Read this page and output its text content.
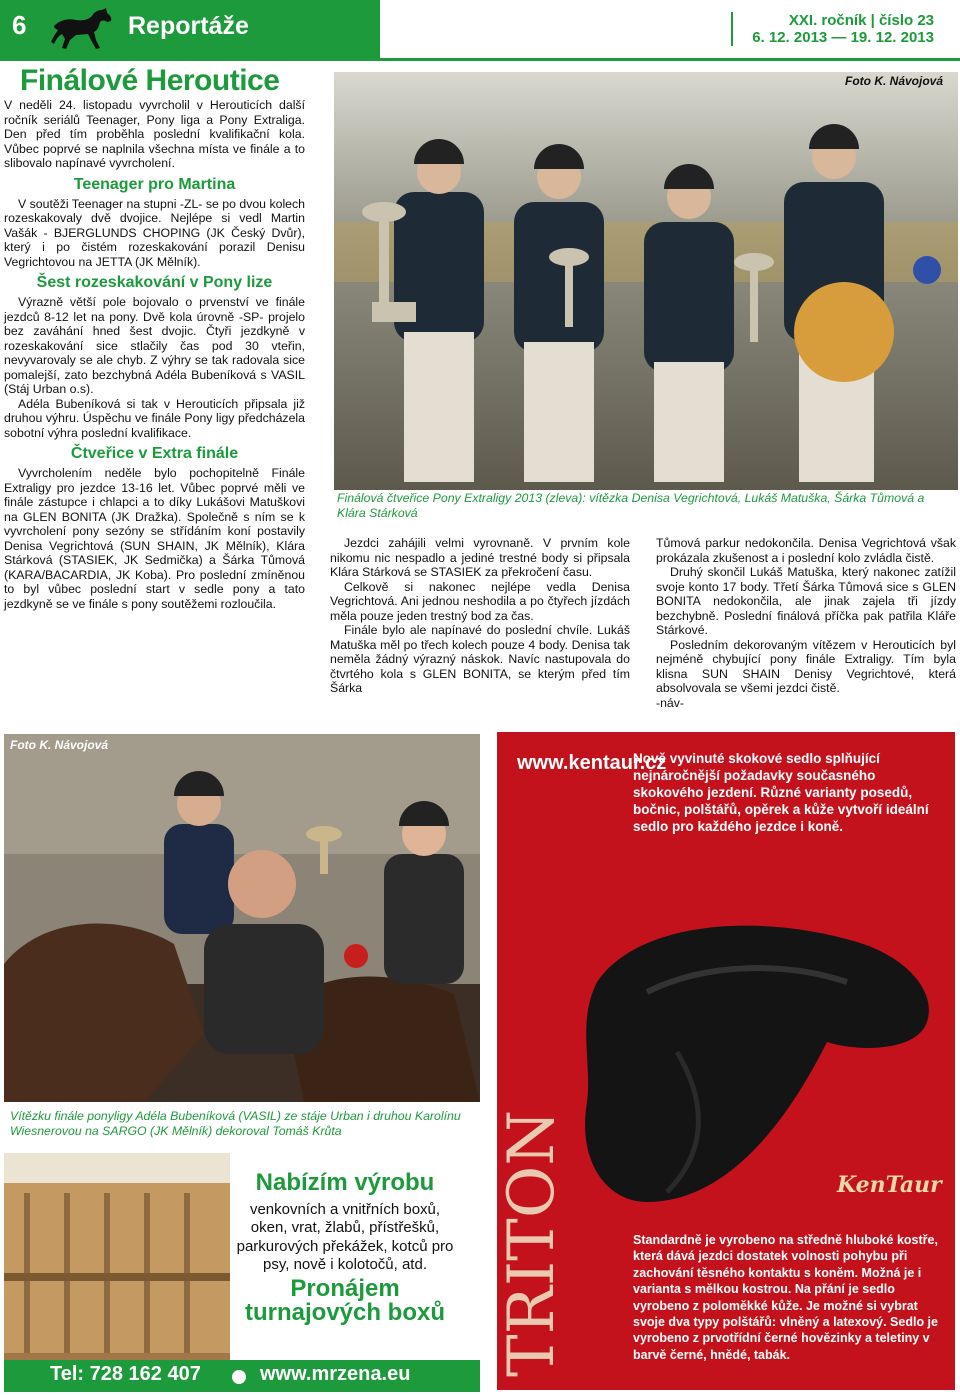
6	Reportáže	XXI. ročník | číslo 23
6. 12. 2013 — 19. 12. 2013
Finálové Heroutice

V neděli 24. listopadu vyvrcholil v Herouticích další ročník seriálů Teenager, Pony liga a Pony Extraliga. Den před tím proběhla poslední kvalifikační kola. Vůbec poprvé se naplnila všechna místa ve finále a to slibovalo napínavé vyvrcholení.

Teenager pro Martina

V soutěži Teenager na stupni -ZL- se po dvou kolech rozeskakovaly dvě dvojice. Nejlépe si vedl Martin Vašák - BJERGLUNDS CHOPING (JK Český Dvůr), který i po čistém rozeskakování porazil Denisu Vegrichtovou na JETTA (JK Mělník).

Šest rozeskakování v Pony lize

Výrazně větší pole bojovalo o prvenství ve finále jezdců 8-12 let na pony. Dvě kola úrovně -SP- projelo bez zaváhání hned šest dvojic. Čtyři jezdkyně v rozeskakování sice stlačily čas pod 30 vteřin, nevyvarovaly se ale chyb. Z výhry se tak radovala sice pomalejší, zato bezchybná Adéla Bubeníková s VASIL (Stáj Urban o.s).

Adéla Bubeníková si tak v Herouticích připsala již druhou výhru. Úspěchu ve finále Pony ligy předcházela sobotní výhra poslední kvalifikace.

Čtveřice v Extra finále

Vyvrcholením neděle bylo pochopitelně Finále Extraligy pro jezdce 13-16 let. Vůbec poprvé měli ve finále zástupce i chlapci a to díky Lukášovi Matuškovi na GLEN BONITA (JK Dražka). Společně s ním se k vyvrcholení pony sezóny se střídáním koní postavily Denisa Vegrichtová (SUN SHAIN, JK Mělník), Klára Stárková (STASIEK, JK Sedmička) a Šárka Tůmová (KARA/BACARDIA, JK Koba). Pro poslední zmíněnou to byl vůbec poslední start v sedle pony a tato jezdkyně se ve finále s pony soutěžemi rozloučila.

Foto K. Návojová
Finálová čtveřice Pony Extraligy 2013 (zleva): vítězka Denisa Vegrichtová, Lukáš Matuška, Šárka Tůmová a Klára Stárková

Jezdci zahájili velmi vyrovnaně. V prvním kole nikomu nic nespadlo a jediné trestné body si připsala Klára Stárková se STASIEK za překročení času.

Celkově si nakonec nejlépe vedla Denisa Vegrichtová. Ani jednou neshodila a po čtyřech jízdách měla pouze jeden trestný bod za čas.

Finále bylo ale napínavé do poslední chvíle. Lukáš Matuška měl po třech kolech pouze 4 body. Denisa tak neměla žádný výrazný náskok. Navíc nastupovala do čtvrtého kola s GLEN BONITA, se kterým před tím Šárka

Tůmová parkur nedokončila. Denisa Vegrichtová však prokázala zkušenost a i poslední kolo zvládla čistě.

Druhý skončil Lukáš Matuška, který nakonec zatížil svoje konto 17 body. Třetí Šárka Tůmová sice s GLEN BONITA nedokončila, ale jinak zajela tři jízdy bezchybně. Poslední finálová příčka pak patřila Kláře Stárkové.

Posledním dekorovaným vítězem v Herouticích byl nejméně chybující pony finále Extraligy. Tím byla klisna SUN SHAIN Denisy Vegrichtové, která absolvovala se všemi jezdci čistě.

-náv-

Foto K. Návojová
Vítězku finále ponyligy Adéla Bubeníková (VASIL) ze stáje Urban i druhou Karolínu Wiesnerovou na SARGO (JK Mělník) dekoroval Tomáš Krůta
Nabízím výrobu
venkovních a vnitřních boxů, oken, vrat, žlabů, přístřešků, parkurových překážek, kotců pro psy, nově i kolotočů, atd.
Pronájem turnajových boxů
Tel: 728 162 407	www.mrzena.eu
www.kentaur.cz
Nově vyvinuté skokové sedlo splňující nejnáročnější požadavky současného skokového jezdení. Různé varianty posedů, bočnic, polštářů, opěrek a kůže vytvoří ideální sedlo pro každého jezdce i koně.
TRITON	KenTaur
Standardně je vyrobeno na středně hluboké kostře, která dává jezdci dostatek volnosti pohybu při zachování těsného kontaktu s koněm. Možná je i varianta s mělkou kostrou. Na přání je sedlo vyrobeno z poloměkké kůže. Je možné si vybrat svoje dva typy polštářů: vlněný a latexový. Sedlo je vyrobeno z prvotřídní černé hovězinky a teletiny v barvě černé, hnědé, tabák.
